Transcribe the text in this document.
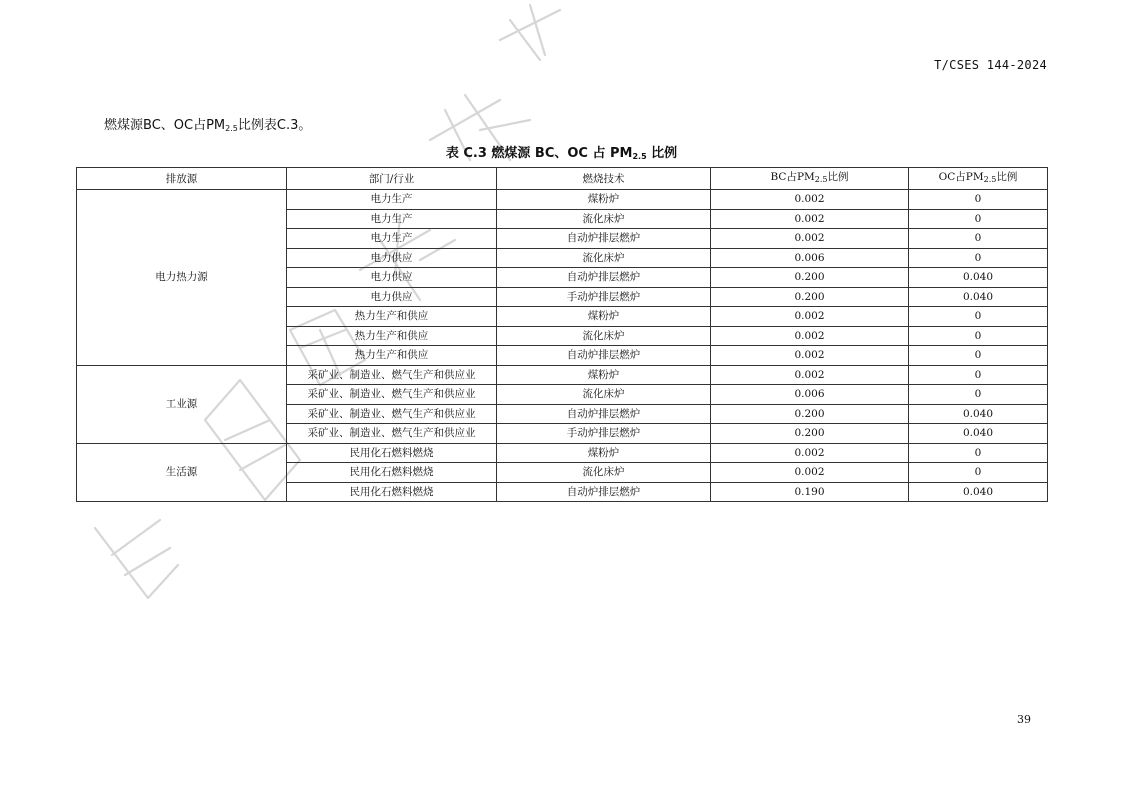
T/CSES 144-2024
燃煤源BC、OC占$PM_{2.5}$比例表C.3。
表 C.3 燃煤源 BC、OC 占 $PM_{2.5}$ 比例
排放源	部门/行业	燃烧技术	BC占$PM_{2.5}$比例	OC占$PM_{2.5}$比例
电力热力源	电力生产	煤粉炉	0.002	0
	电力生产	流化床炉	0.002	0
	电力生产	自动炉排层燃炉	0.002	0
	电力供应	流化床炉	0.006	0
	电力供应	自动炉排层燃炉	0.200	0.040
	电力供应	手动炉排层燃炉	0.200	0.040
	热力生产和供应	煤粉炉	0.002	0
	热力生产和供应	流化床炉	0.002	0
	热力生产和供应	自动炉排层燃炉	0.002	0
工业源	采矿业、制造业、燃气生产和供应业	煤粉炉	0.002	0
	采矿业、制造业、燃气生产和供应业	流化床炉	0.006	0
	采矿业、制造业、燃气生产和供应业	自动炉排层燃炉	0.200	0.040
	采矿业、制造业、燃气生产和供应业	手动炉排层燃炉	0.200	0.040
生活源	民用化石燃料燃烧	煤粉炉	0.002	0
	民用化石燃料燃烧	流化床炉	0.002	0
	民用化石燃料燃烧	自动炉排层燃炉	0.190	0.040
39
